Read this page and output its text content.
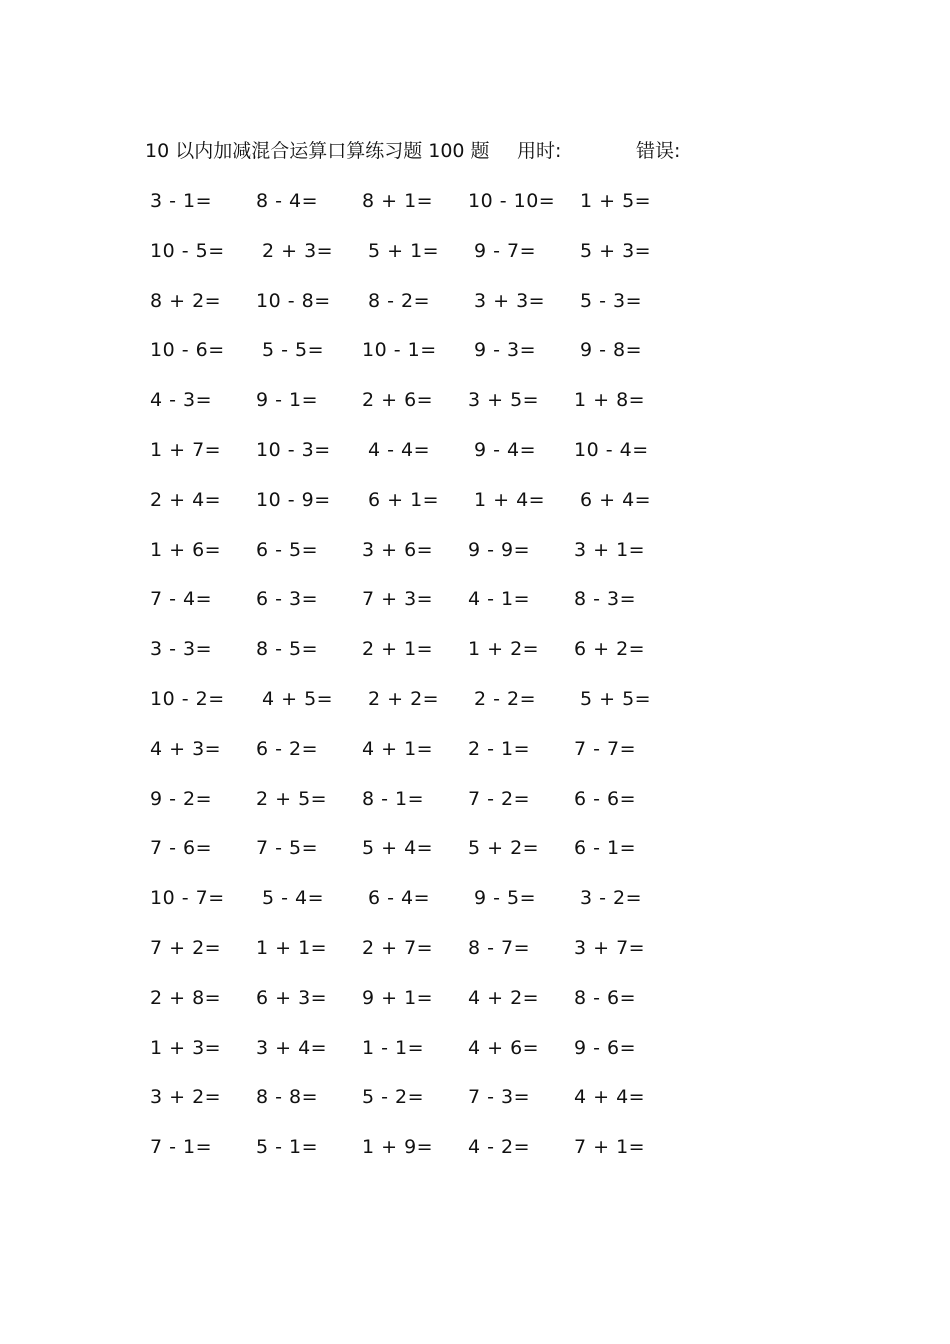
10 以内加减混合运算口算练习题 100 题 用时:	错误:
3 - 1= 8 - 4= 8 + 1= 10 - 10= 1 + 5=
10 - 5= 2 + 3= 5 + 1= 9 - 7= 5 + 3=
8 + 2= 10 - 8= 8 - 2= 3 + 3= 5 - 3=
10 - 6= 5 - 5= 10 - 1= 9 - 3= 9 - 8=
4 - 3= 9 - 1= 2 + 6= 3 + 5= 1 + 8=
1 + 7= 10 - 3= 4 - 4= 9 - 4= 10 - 4=
2 + 4= 10 - 9= 6 + 1= 1 + 4= 6 + 4=
1 + 6= 6 - 5= 3 + 6= 9 - 9= 3 + 1=
7 - 4= 6 - 3= 7 + 3= 4 - 1= 8 - 3=
3 - 3= 8 - 5= 2 + 1= 1 + 2= 6 + 2=
10 - 2= 4 + 5= 2 + 2= 2 - 2= 5 + 5=
4 + 3= 6 - 2= 4 + 1= 2 - 1= 7 - 7=
9 - 2= 2 + 5= 8 - 1= 7 - 2= 6 - 6=
7 - 6= 7 - 5= 5 + 4= 5 + 2= 6 - 1=
10 - 7= 5 - 4= 6 - 4= 9 - 5= 3 - 2=
7 + 2= 1 + 1= 2 + 7= 8 - 7= 3 + 7=
2 + 8= 6 + 3= 9 + 1= 4 + 2= 8 - 6=
1 + 3= 3 + 4= 1 - 1= 4 + 6= 9 - 6=
3 + 2= 8 - 8= 5 - 2= 7 - 3= 4 + 4=
7 - 1= 5 - 1= 1 + 9= 4 - 2= 7 + 1=
